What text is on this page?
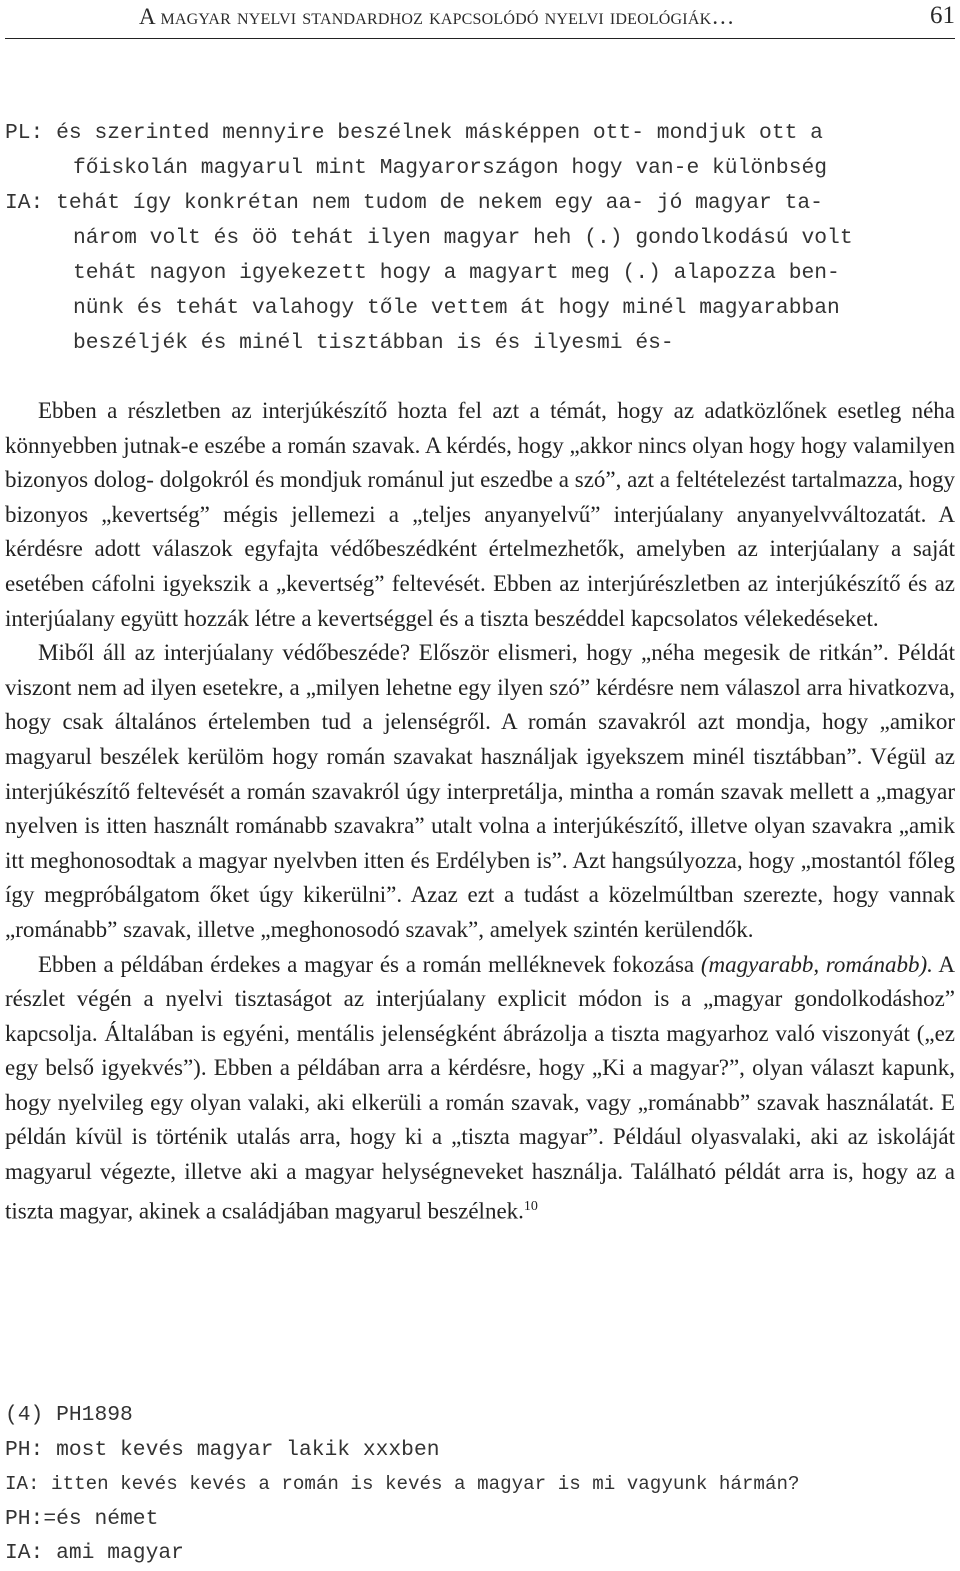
A magyar nyelvi standardhoz kapcsolódó nyelvi ideológiák…	61
PL: és szerinted mennyire beszélnek másképpen ott- mondjuk ott a
főiskolán magyarul mint Magyarországon hogy van-e különbség
IA: tehát így konkrétan nem tudom de nekem egy aa- jó magyar ta-
nárom volt és öö tehát ilyen magyar heh (.) gondolkodású volt
tehát nagyon igyekezett hogy a magyart meg (.) alapozza ben-
nünk és tehát valahogy tőle vettem át hogy minél magyarabban
beszéljék és minél tisztábban is és ilyesmi és-

Ebben a részletben az interjúkészítő hozta fel azt a témát, hogy az adatközlőnek esetleg néha könnyebben jutnak-e eszébe a román szavak. A kérdés, hogy „akkor nincs olyan hogy hogy valamilyen bizonyos dolog- dolgokról és mondjuk románul jut eszedbe a szó”, azt a feltételezést tartalmazza, hogy bizonyos „kevertség” mégis jellemezi a „teljes anyanyelvű” interjúalany anyanyelvváltozatát. A kérdésre adott válaszok egyfajta védőbeszédként értelmezhetők, amelyben az interjúalany a saját esetében cáfolni igyekszik a „kevertség” feltevését. Ebben az interjúrészletben az interjúkészítő és az interjúalany együtt hozzák létre a kevertséggel és a tiszta beszéddel kapcsolatos vélekedéseket.

Miből áll az interjúalany védőbeszéde? Először elismeri, hogy „néha megesik de ritkán”. Példát viszont nem ad ilyen esetekre, a „milyen lehetne egy ilyen szó” kérdésre nem válaszol arra hivatkozva, hogy csak általános értelemben tud a jelenségről. A román szavakról azt mondja, hogy „amikor magyarul beszélek kerülöm hogy román szavakat használjak igyekszem minél tisztábban”. Végül az interjúkészítő feltevését a román szavakról úgy interpretálja, mintha a román szavak mellett a „magyar nyelven is itten használt románabb szavakra” utalt volna a interjúkészítő, illetve olyan szavakra „amik itt meghonosodtak a magyar nyelvben itten és Erdélyben is”. Azt hangsúlyozza, hogy „mostantól főleg így megpróbálgatom őket úgy kikerülni”. Azaz ezt a tudást a közelmúltban szerezte, hogy vannak „románabb” szavak, illetve „meghonosodó szavak”, amelyek szintén kerülendők.

Ebben a példában érdekes a magyar és a román melléknevek fokozása (magyarabb, románabb). A részlet végén a nyelvi tisztaságot az interjúalany explicit módon is a „magyar gondolkodáshoz” kapcsolja. Általában is egyéni, mentális jelenségként ábrázolja a tiszta magyarhoz való viszonyát („ez egy belső igyekvés”). Ebben a példában arra a kérdésre, hogy „Ki a magyar?”, olyan választ kapunk, hogy nyelvileg egy olyan valaki, aki elkerüli a román szavak, vagy „románabb” szavak használatát. E példán kívül is történik utalás arra, hogy ki a „tiszta magyar”. Például olyasvalaki, aki az iskoláját magyarul végezte, illetve aki a magyar helységneveket használja. Található példát arra is, hogy az a tiszta magyar, akinek a családjában magyarul beszélnek.$^{10}$

(4) PH1898
PH: most kevés magyar lakik xxxben
IA: itten kevés kevés a román is kevés a magyar is mi vagyunk hármán?
PH:=és német
IA: ami magyar
